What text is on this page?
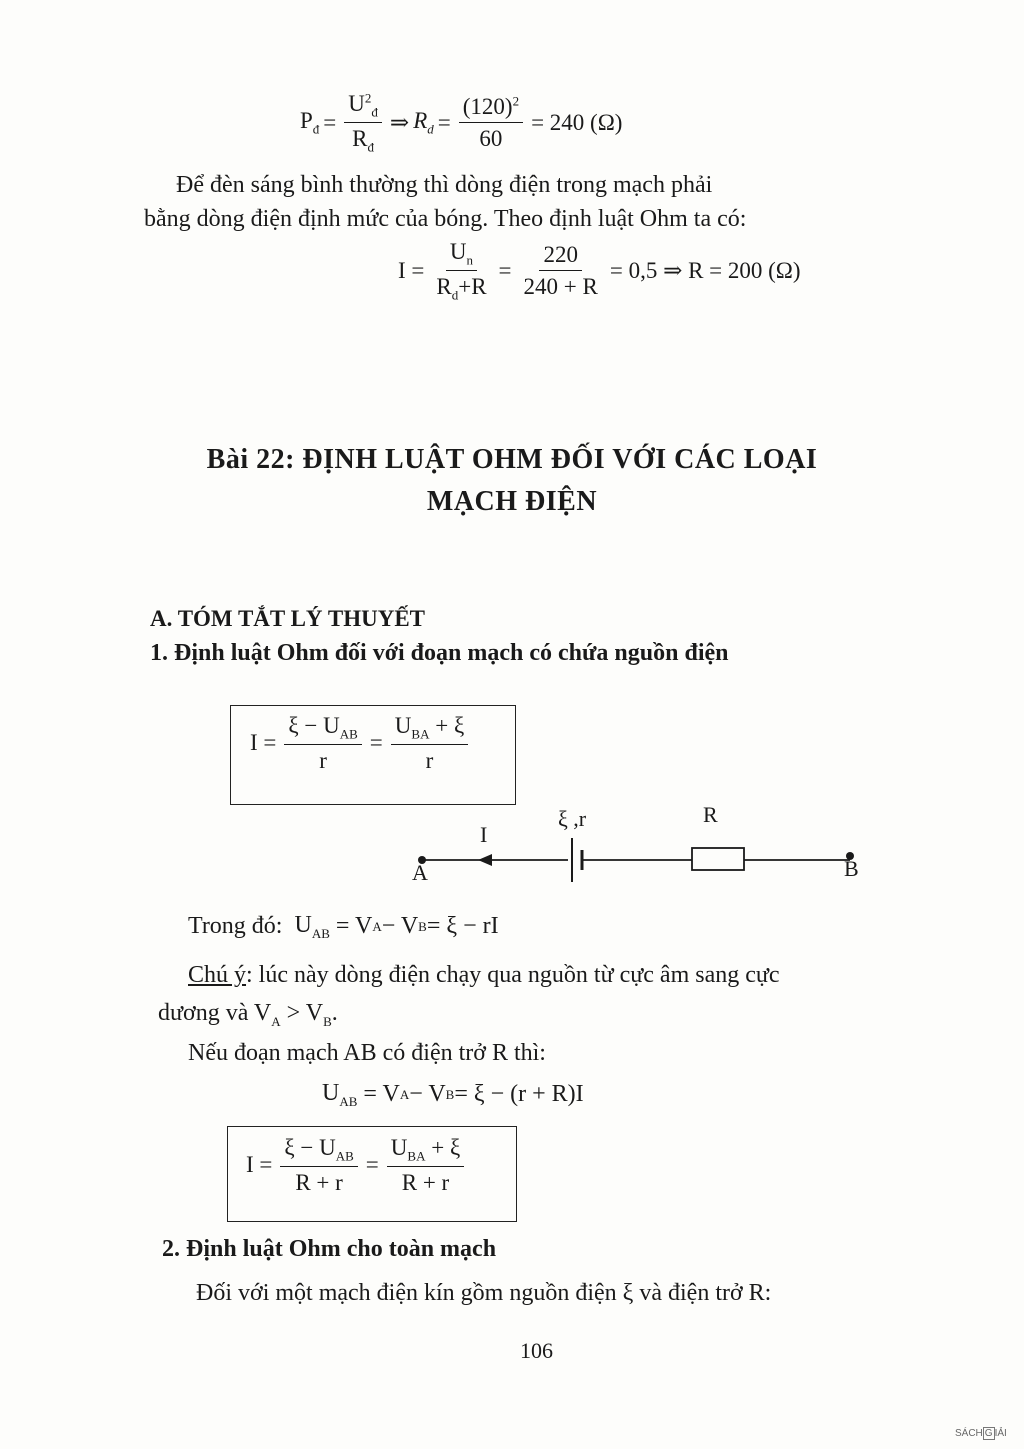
$P_đ = \frac{U^2_đ}{R_đ}$ ⇒ $R_d = \frac{(120)^2}{60} = 240$ (Ω)
Để đèn sáng bình thường thì dòng điện trong mạch phải
bằng dòng điện định mức của bóng. Theo định luật Ohm ta có:
$I = \frac{U_n}{R_d+R} = \frac{220}{240 + R} = 0,5$ ⇒ R = 200 (Ω)
Bài 22: ĐỊNH LUẬT OHM ĐỐI VỚI CÁC LOẠI
MẠCH ĐIỆN
A. TÓM TẮT LÝ THUYẾT
1. Định luật Ohm đối với đoạn mạch có chứa nguồn điện
$I = \frac{\xi - U_{AB}}{r} = \frac{U_{BA} + \xi}{r}$
ξ ,r
I
R
A	B
Trong đó: $U_{AB} = V$ A − V B = ξ − rI
Chú ý: lúc này dòng điện chạy qua nguồn từ cực âm sang cực
dương và $V_A > V_B$.
Nếu đoạn mạch AB có điện trở R thì:
$U_{AB} = V$ A − V B = ξ − (r + R)I
$I = \frac{\xi - U_{AB}}{R + r} = \frac{U_{BA} + \xi}{R + r}$
2. Định luật Ohm cho toàn mạch
Đối với một mạch điện kín gồm nguồn điện ξ và điện trở R:
106
SÁCH G IẢI
